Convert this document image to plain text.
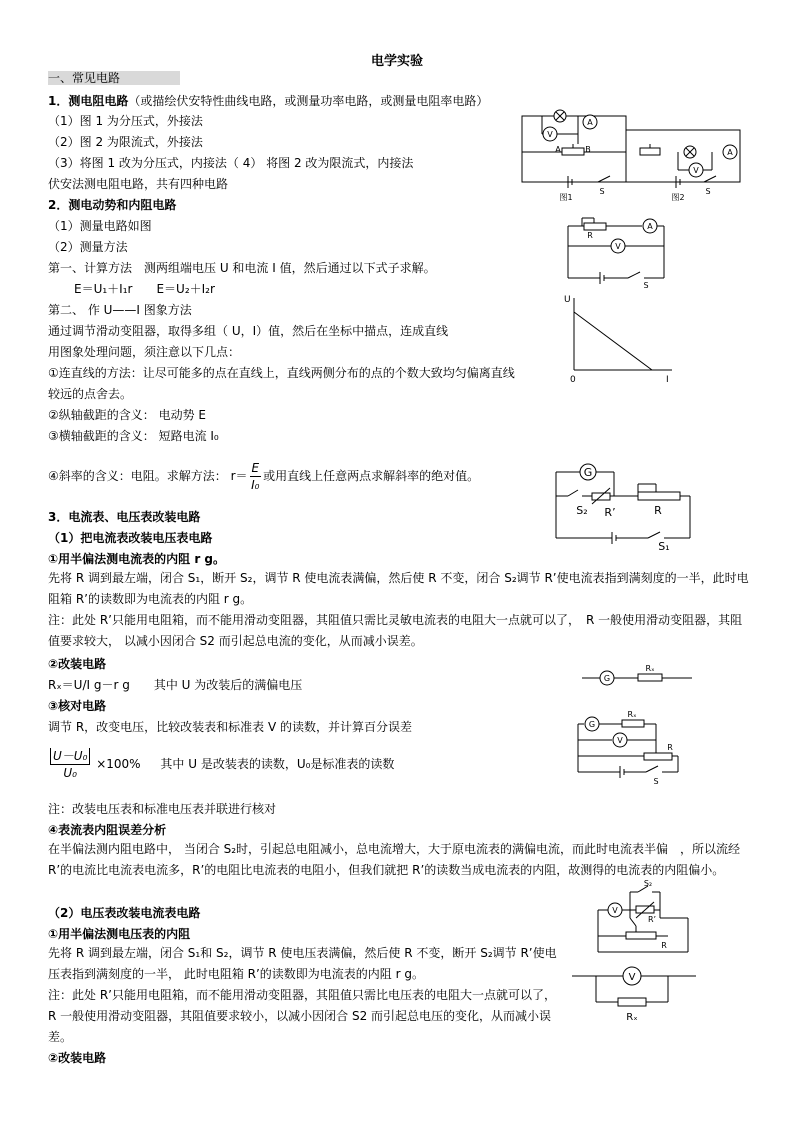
电学实验
一、常见电路
1．测电阻电路（或描绘伏安特性曲线电路，或测量功率电路，或测量电阻率电路）
（1）图 1 为分压式，外接法
（2）图 2 为限流式，外接法
（3）将图 1 改为分压式，内接法（ 4） 将图 2 改为限流式，内接法
伏安法测电阻电路，共有四种电路
A
V
A	B
S
A
V
S
图1	图2
2．测电动势和内阻电路
（1）测量电路如图
（2）测量方法
第一、计算方法　测两组端电压 U 和电流 I 值，然后通过以下式子求解。
E＝U₁＋I₁r　　E＝U₂＋I₂r
第二、 作 U——I 图象方法
通过调节滑动变阻器，取得多组（ U，I）值，然后在坐标中描点，连成直线
用图象处理问题，须注意以下几点：
①连直线的方法：让尽可能多的点在直线上，直线两侧分布的点的个数大致均匀偏离直线
较远的点舍去。
②纵轴截距的含义： 电动势 E
③横轴截距的含义： 短路电流 I₀
④斜率的含义：电阻。求解方法： $r= \frac{E}{\text{I₀}}$ 或用直线上任意两点求解斜率的绝对值。
A
V
R
S
U
I
0
G
R
S₂ R’
S₁
3．电流表、电压表改装电路
（1）把电流表改装电压表电路
①用半偏法测电流表的内阻 r g。
先将 R 调到最左端，闭合 S₁，断开 S₂，调节 R 使电流表满偏，然后使 R 不变，闭合 S₂调节 R’使电流表指到满刻度的一半，此时电阻箱 R’的读数即为电流表的内阻 r g。
注：此处 R’只能用电阻箱，而不能用滑动变阻器，其阻值只需比灵敏电流表的电阻大一点就可以了，　R 一般使用滑动变阻器，其阻值要求较大， 以减小因闭合 S2 而引起总电流的变化，从而减小误差。
②改装电路
Rₓ＝U/I g－r g　　其中 U 为改装后的满偏电压
③核对电路
调节 R，改变电压，比较改装表和标准表 V 的读数，并计算百分误差
$\frac{\text{U－U₀}}{\text{U₀}} \times 100\%$ 其中 U 是改装表的读数，U₀是标准表的读数
注：改装电压表和标准电压表并联进行核对
④表流表内阻误差分析
在半偏法测内阻电路中， 当闭合 S₂时，引起总电阻减小，总电流增大，大于原电流表的满偏电流，而此时电流表半偏　，所以流经 R’的电流比电流表电流多，R’的电阻比电流表的电阻小，但我们就把 R’的读数当成电流表的内阻，故测得的电流表的内阻偏小。
（2）电压表改装电流表电路
①用半偏法测电压表的内阻
先将 R 调到最左端，闭合 S₁和 S₂，调节 R 使电压表满偏，然后使 R 不变，断开 S₂调节 R’使电压表指到满刻度的一半， 此时电阻箱 R’的读数即为电流表的内阻 r g。
注：此处 R’只能用电阻箱，而不能用滑动变阻器，其阻值只需比电压表的电阻大一点就可以了，R 一般使用滑动变阻器，其阻值要求较小，以减小因闭合 S2 而引起总电压的变化，从而减小误差。
②改装电路
G
Rₓ
G
Rₓ
V
R
S
V
S₂
R’
R
V
Rₓ
